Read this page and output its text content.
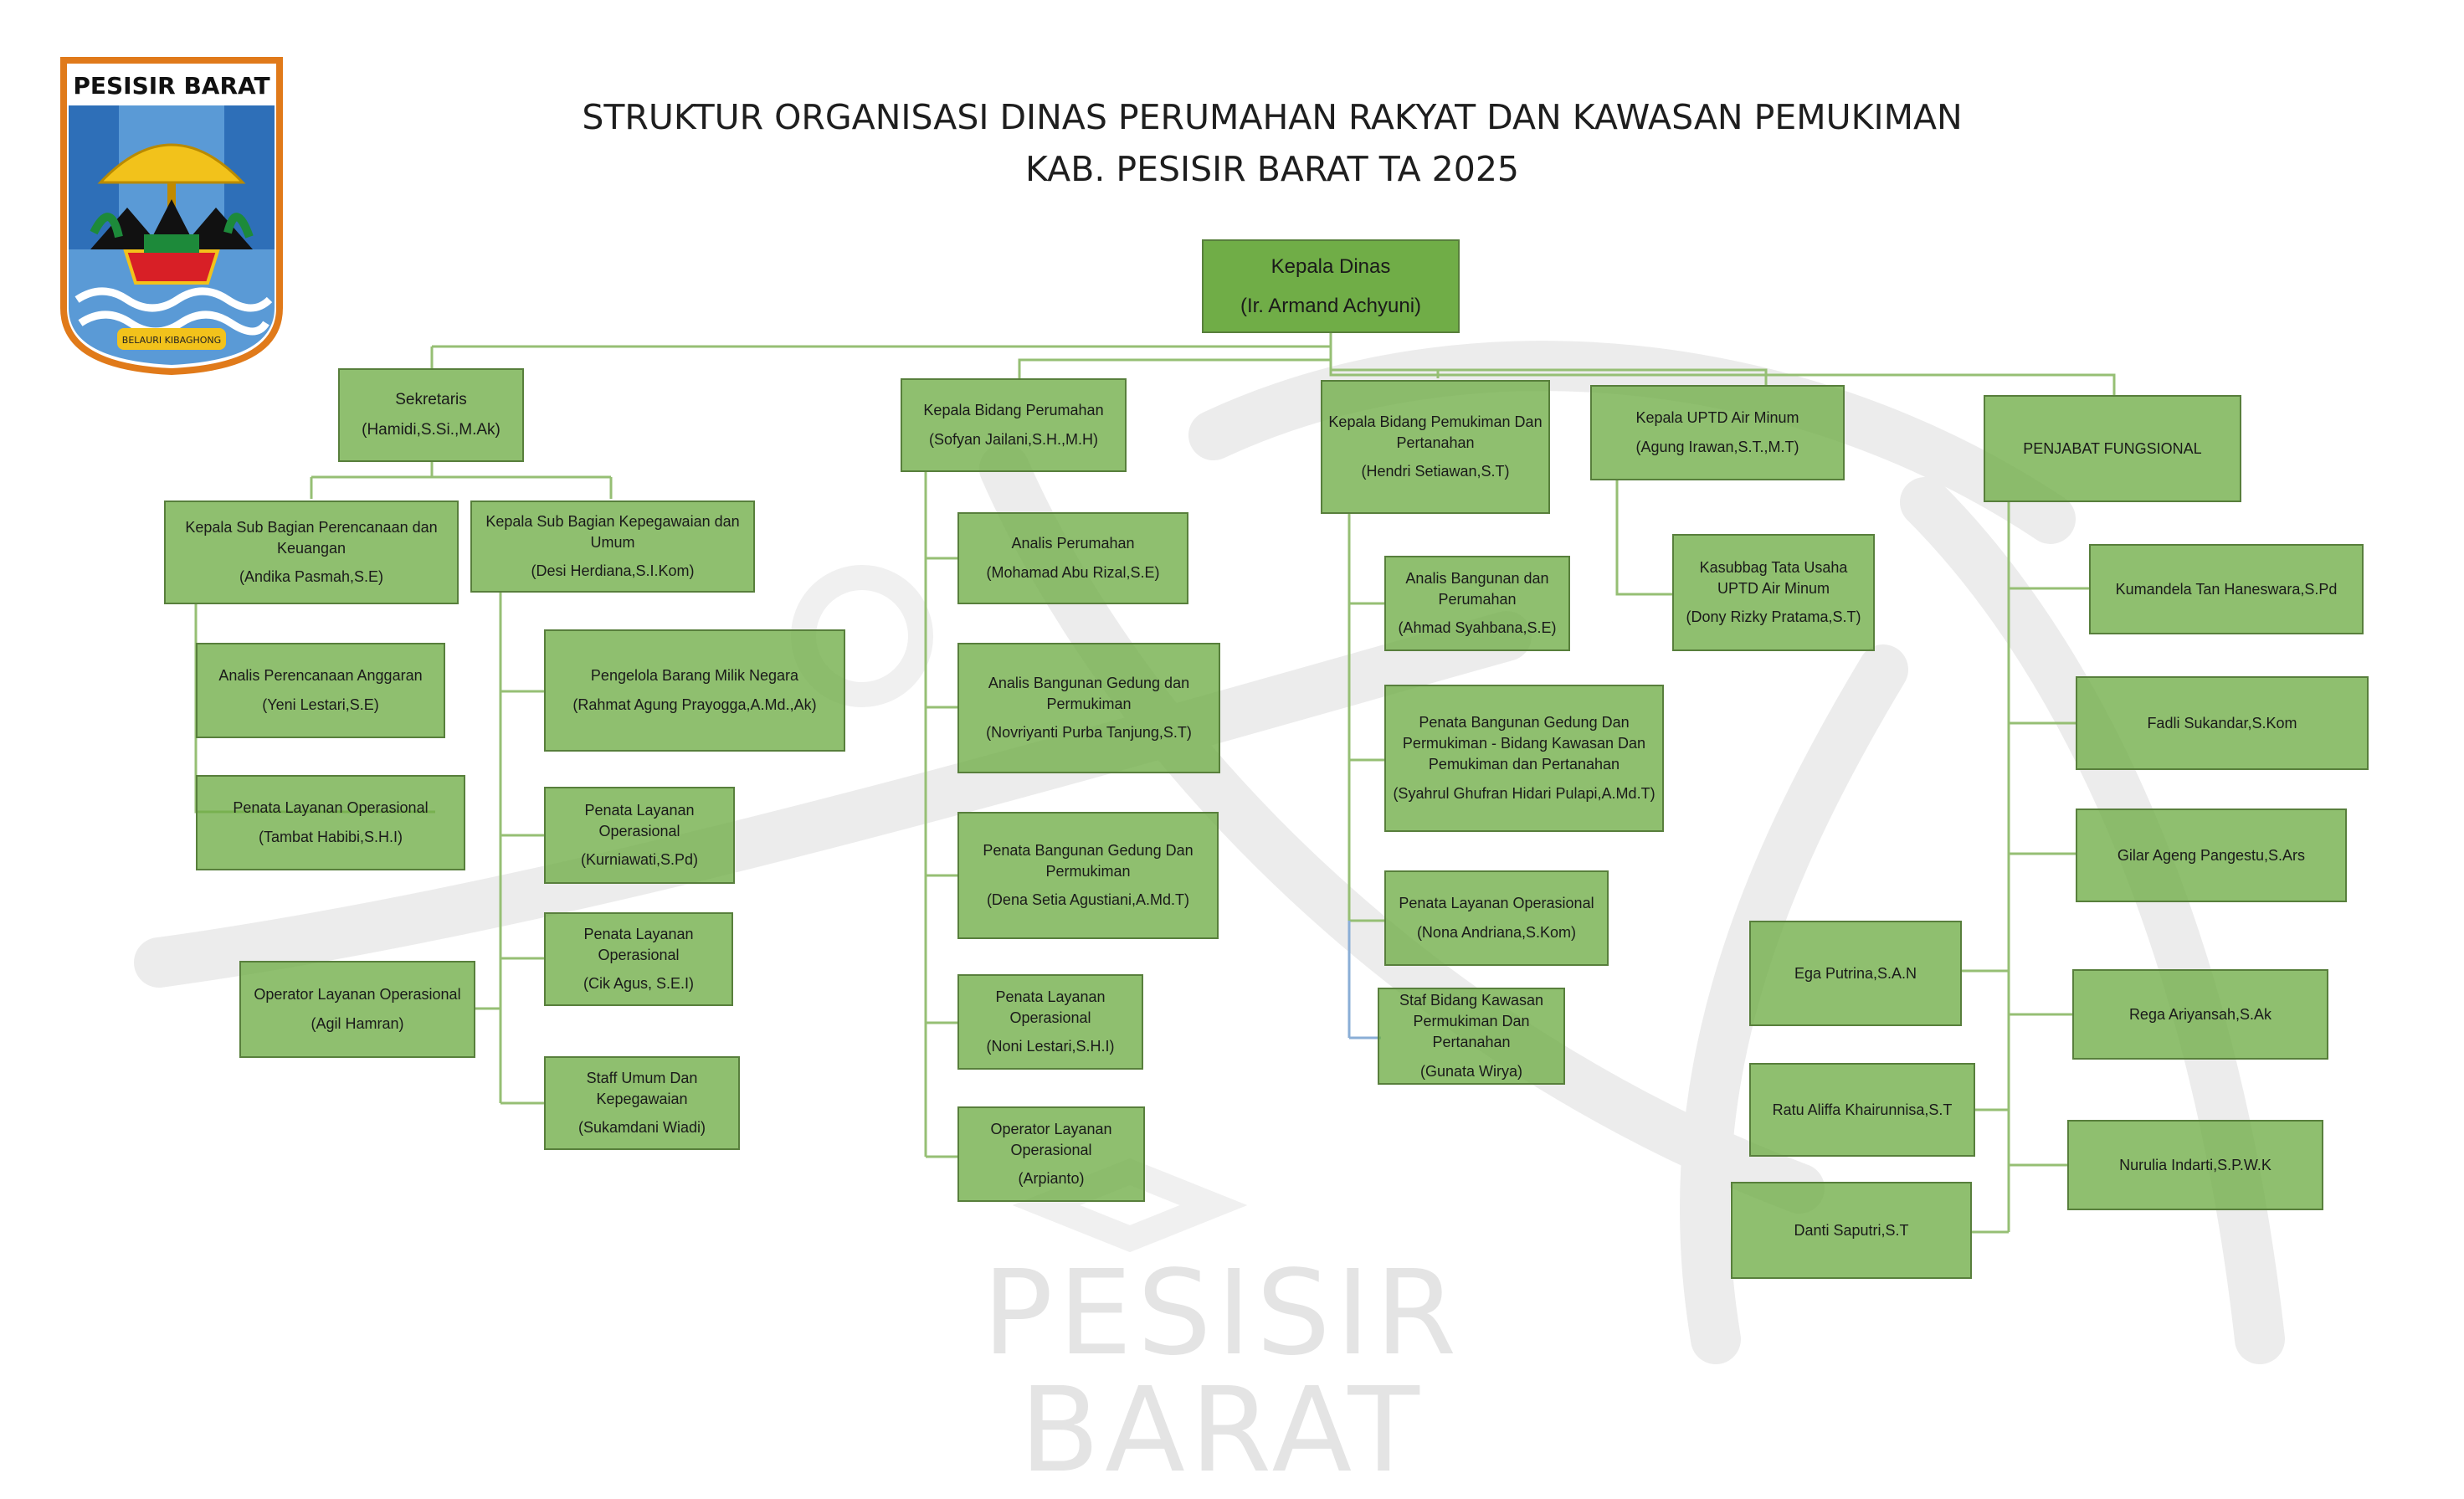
PESISIR BARAT
PESISIR BARAT
BELAURI KIBAGHONG
STRUKTUR ORGANISASI DINAS PERUMAHAN RAKYAT DAN KAWASAN PEMUKIMAN
KAB. PESISIR BARAT TA 2025
Kepala Dinas
(Ir. Armand Achyuni)
Sekretaris
(Hamidi,S.Si.,M.Ak)
Kepala Sub Bagian Perencanaan dan Keuangan
(Andika Pasmah,S.E)
Kepala Sub Bagian Kepegawaian dan Umum
(Desi Herdiana,S.I.Kom)
Analis Perencanaan Anggaran
(Yeni Lestari,S.E)
Penata Layanan Operasional
(Tambat Habibi,S.H.I)
Operator Layanan Operasional
(Agil Hamran)
Pengelola Barang Milik Negara
(Rahmat Agung Prayogga,A.Md.,Ak)
Penata Layanan Operasional
(Kurniawati,S.Pd)
Penata Layanan Operasional
(Cik Agus, S.E.I)
Staff Umum Dan Kepegawaian
(Sukamdani Wiadi)
Kepala Bidang Perumahan
(Sofyan Jailani,S.H.,M.H)
Analis Perumahan
(Mohamad Abu Rizal,S.E)
Analis Bangunan Gedung dan Permukiman
(Novriyanti Purba Tanjung,S.T)
Penata Bangunan Gedung Dan Permukiman
(Dena Setia Agustiani,A.Md.T)
Penata Layanan Operasional
(Noni Lestari,S.H.I)
Operator Layanan Operasional
(Arpianto)
Kepala Bidang Pemukiman Dan Pertanahan
(Hendri Setiawan,S.T)
Analis Bangunan dan Perumahan
(Ahmad Syahbana,S.E)
Penata Bangunan Gedung Dan Permukiman - Bidang Kawasan Dan Pemukiman dan Pertanahan
(Syahrul Ghufran Hidari Pulapi,A.Md.T)
Penata Layanan Operasional
(Nona Andriana,S.Kom)
Staf Bidang Kawasan Permukiman Dan Pertanahan
(Gunata Wirya)
Kepala UPTD Air Minum
(Agung Irawan,S.T.,M.T)
Kasubbag Tata Usaha UPTD Air Minum
(Dony Rizky Pratama,S.T)
PENJABAT FUNGSIONAL
Kumandela Tan Haneswara,S.Pd
Fadli Sukandar,S.Kom
Gilar Ageng Pangestu,S.Ars
Ega Putrina,S.A.N
Rega Ariyansah,S.Ak
Ratu Aliffa Khairunnisa,S.T
Nurulia Indarti,S.P.W.K
Danti Saputri,S.T
